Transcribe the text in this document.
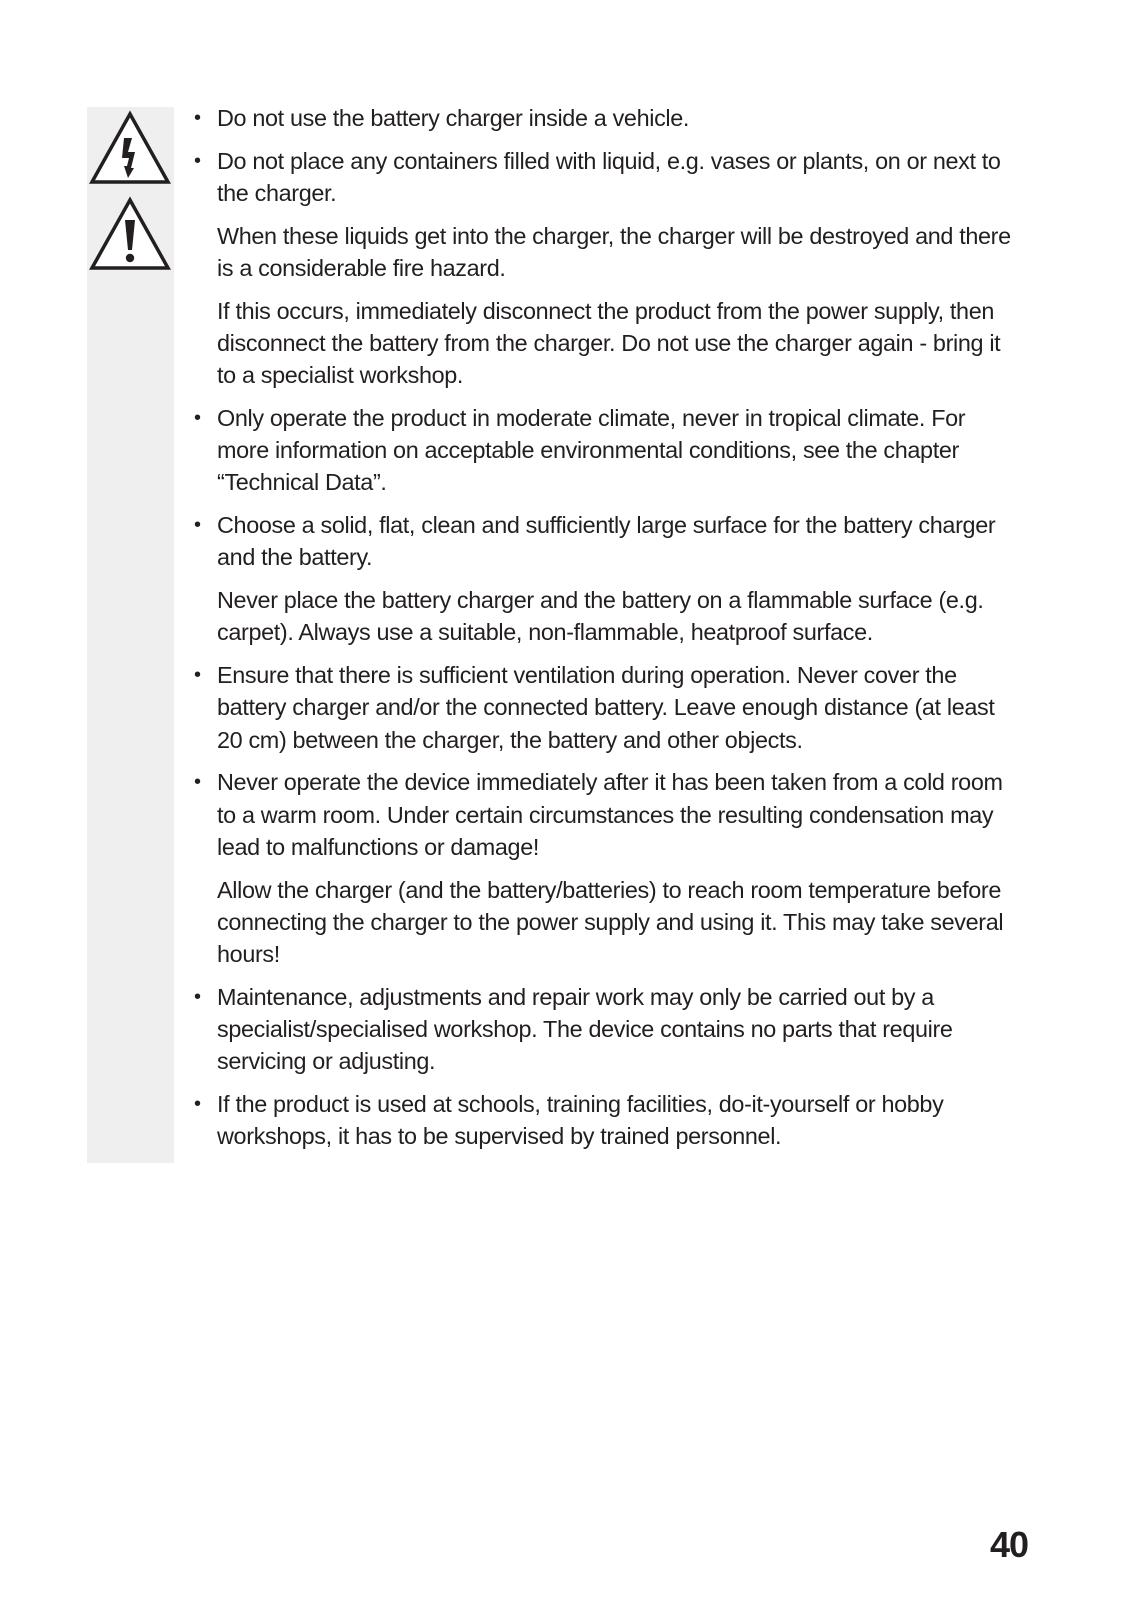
• Do not use the battery charger inside a vehicle.

• Do not place any containers filled with liquid, e.g. vases or plants, on or next to the charger.

When these liquids get into the charger, the charger will be destroyed and there is a considerable fire hazard.

If this occurs, immediately disconnect the product from the power supply, then disconnect the battery from the charger. Do not use the charger again - bring it to a specialist workshop.

• Only operate the product in moderate climate, never in tropical climate. For more information on acceptable environmental conditions, see the chapter “Technical Data”.

• Choose a solid, flat, clean and sufficiently large surface for the battery charger and the battery.

Never place the battery charger and the battery on a flammable surface (e.g. carpet). Always use a suitable, non-flammable, heatproof surface.

• Ensure that there is sufficient ventilation during operation. Never cover the battery charger and/or the connected battery. Leave enough distance (at least 20 cm) between the charger, the battery and other objects.

• Never operate the device immediately after it has been taken from a cold room to a warm room. Under certain circumstances the resulting condensation may lead to malfunctions or damage!

Allow the charger (and the battery/batteries) to reach room temperature before connecting the charger to the power supply and using it. This may take several hours!

• Maintenance, adjustments and repair work may only be carried out by a specialist/specialised workshop. The device contains no parts that require servicing or adjusting.

• If the product is used at schools, training facilities, do-it-yourself or hobby workshops, it has to be supervised by trained personnel.

40
